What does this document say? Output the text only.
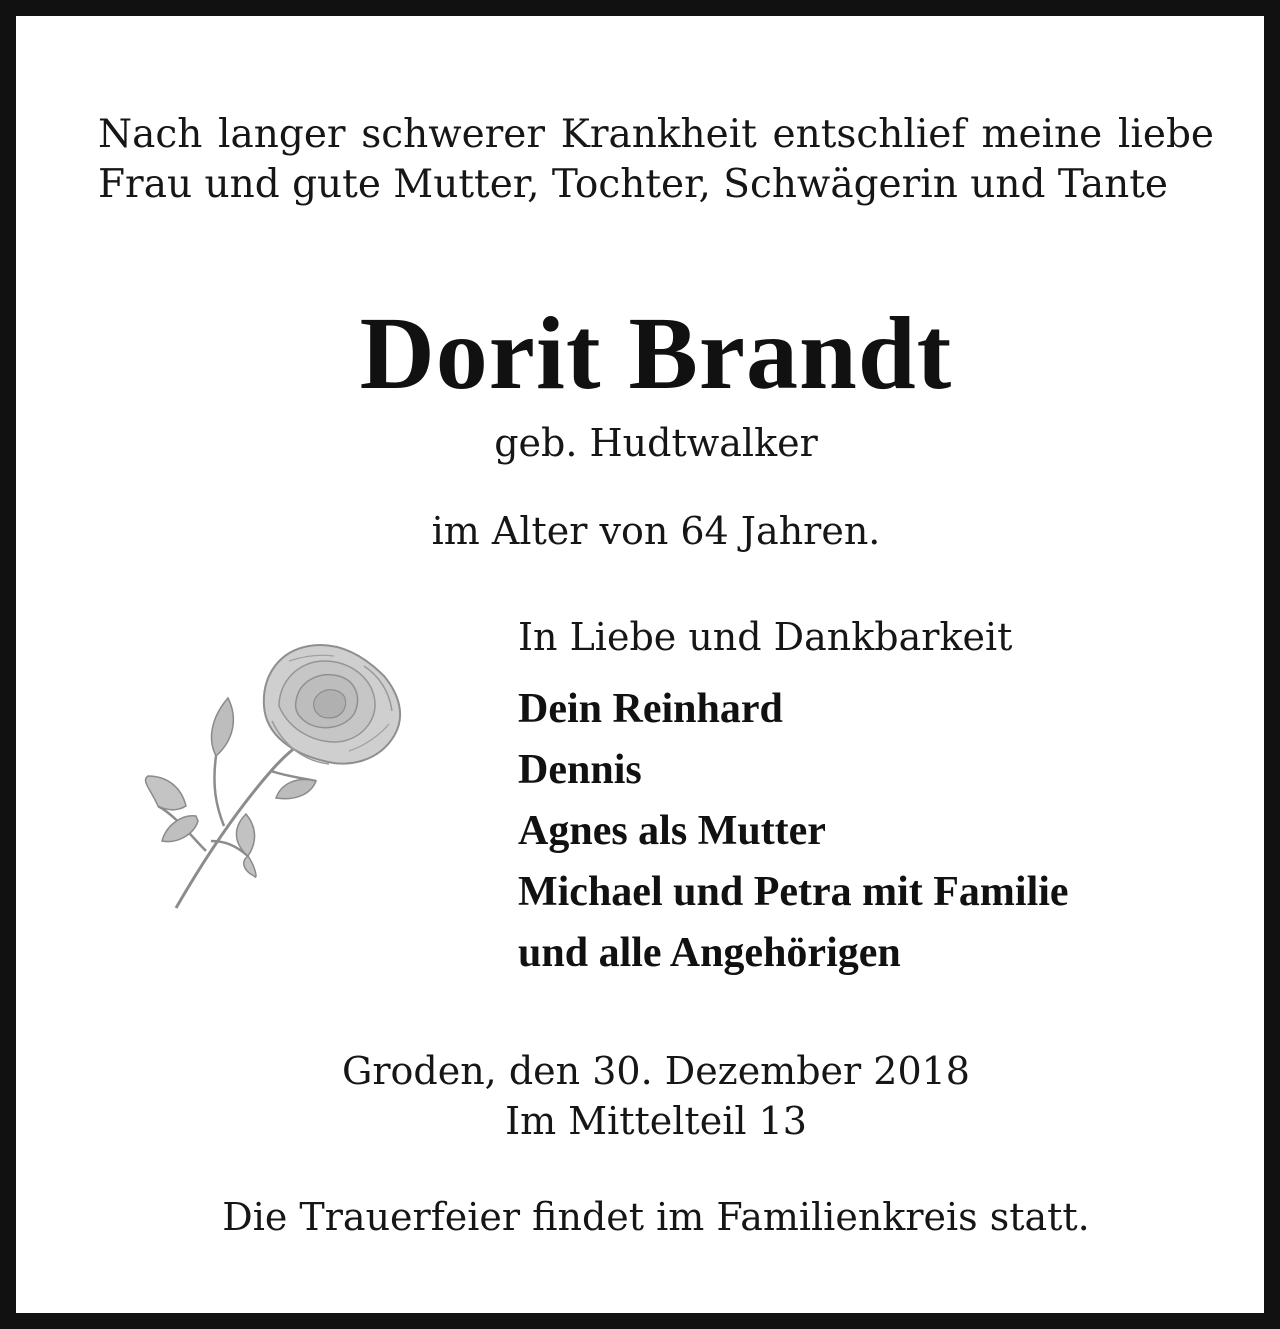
Nach langer schwerer Krankheit entschlief meine liebe Frau und gute Mutter, Tochter, Schwägerin und Tante
Dorit Brandt
geb. Hudtwalker
im Alter von 64 Jahren.
In Liebe und Dankbarkeit
Dein Reinhard
Dennis
Agnes als Mutter
Michael und Petra mit Familie
und alle Angehörigen
Groden, den 30. Dezember 2018
Im Mittelteil 13
Die Trauerfeier findet im Familienkreis statt.
